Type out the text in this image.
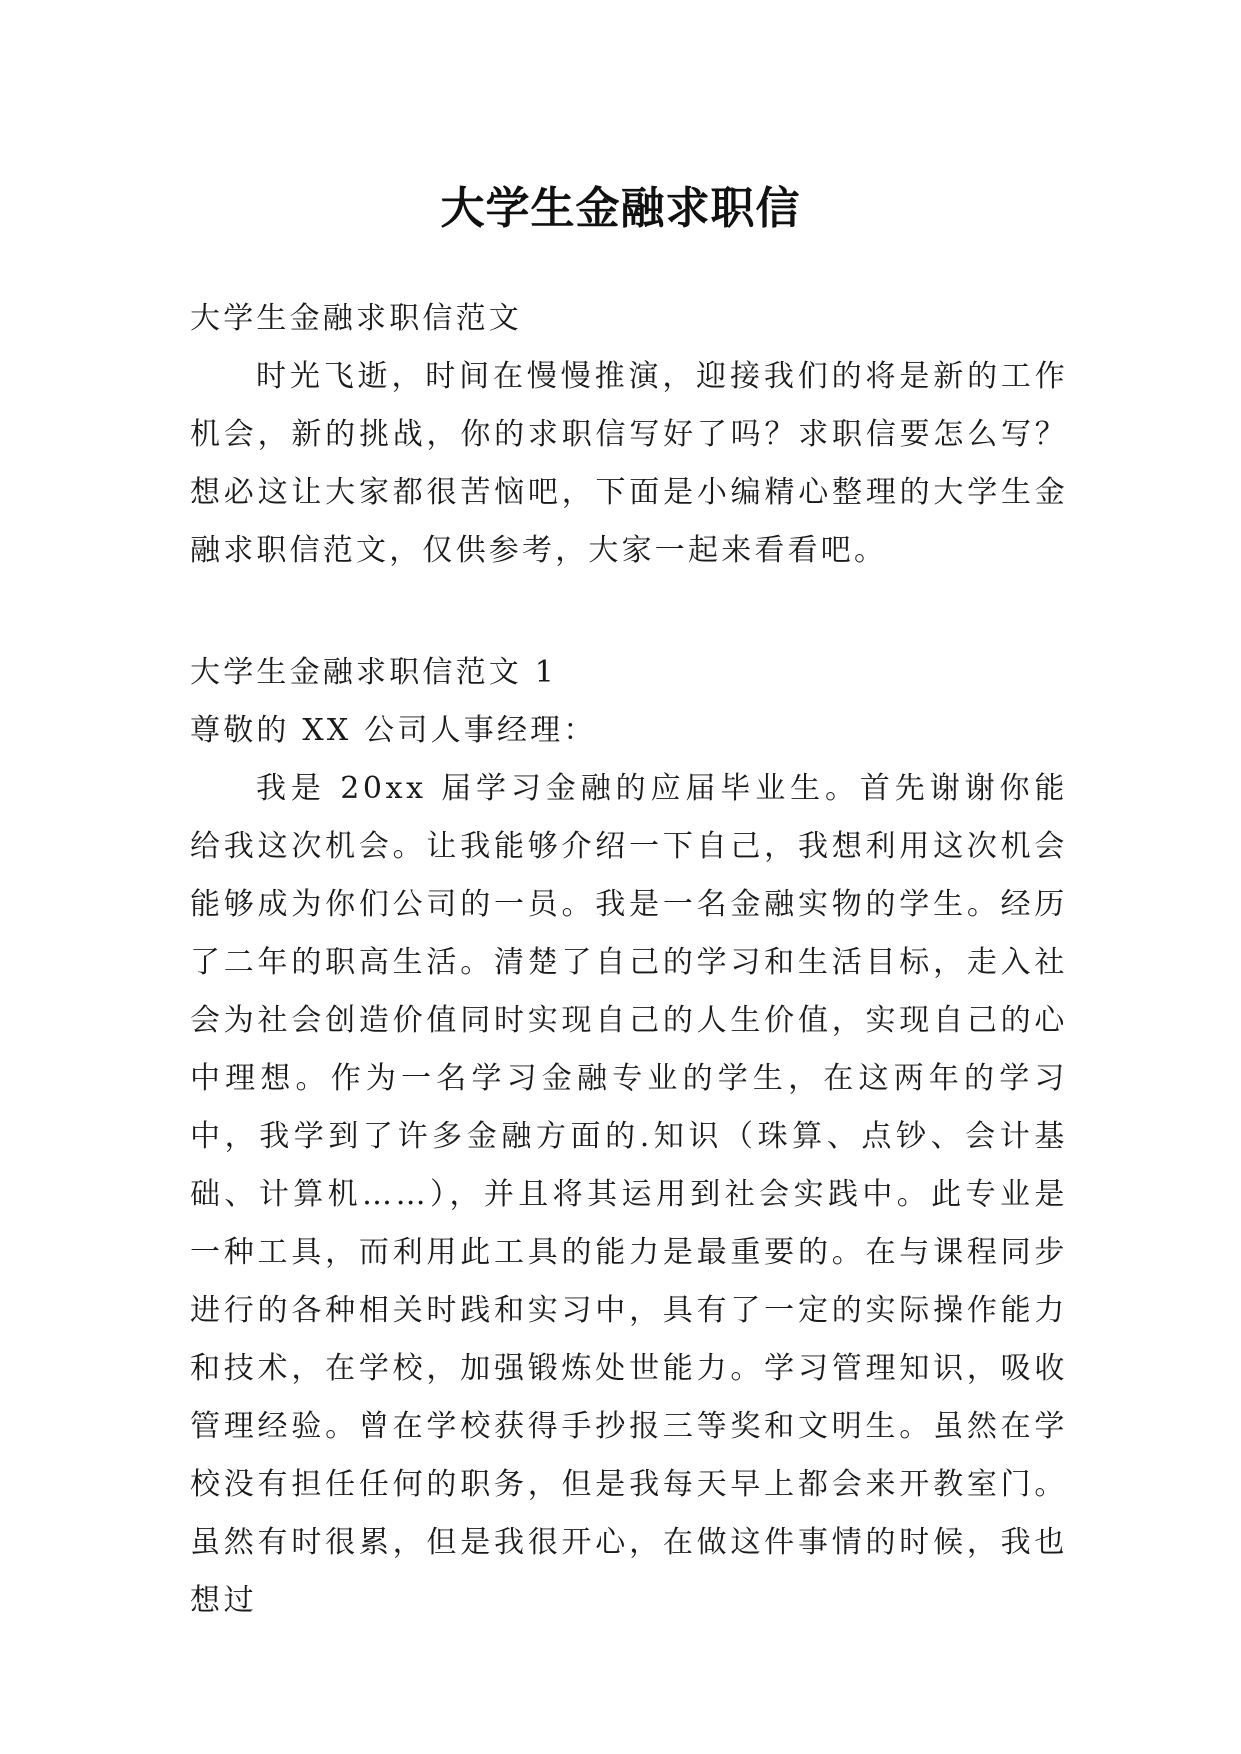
大学生金融求职信

大学生金融求职信范文

时光飞逝，时间在慢慢推演，迎接我们的将是新的工作机会，新的挑战，你的求职信写好了吗？求职信要怎么写？想必这让大家都很苦恼吧，下面是小编精心整理的大学生金融求职信范文，仅供参考，大家一起来看看吧。

大学生金融求职信范文 1

尊敬的 XX 公司人事经理：

我是 20xx 届学习金融的应届毕业生。首先谢谢你能给我这次机会。让我能够介绍一下自己，我想利用这次机会能够成为你们公司的一员。我是一名金融实物的学生。经历了二年的职高生活。清楚了自己的学习和生活目标，走入社会为社会创造价值同时实现自己的人生价值，实现自己的心中理想。作为一名学习金融专业的学生，在这两年的学习中，我学到了许多金融方面的.知识（珠算、点钞、会计基础、计算机……），并且将其运用到社会实践中。此专业是一种工具，而利用此工具的能力是最重要的。在与课程同步进行的各种相关时践和实习中，具有了一定的实际操作能力和技术，在学校，加强锻炼处世能力。学习管理知识，吸收管理经验。曾在学校获得手抄报三等奖和文明生。虽然在学校没有担任任何的职务，但是我每天早上都会来开教室门。虽然有时很累，但是我很开心，在做这件事情的时候，我也想过
